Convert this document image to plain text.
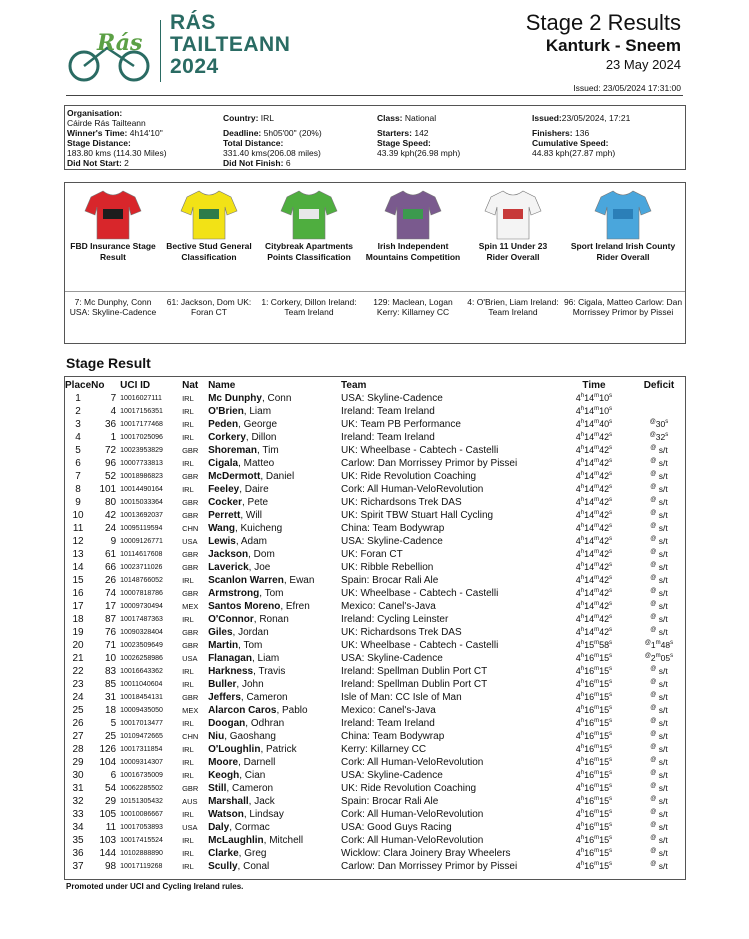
Rás
RÁS
TAILTEANN
2024
Stage 2 Results
Kanturk - Sneem
23 May 2024
Issued: 23/05/2024 17:31:00
Organisation:
Cáirde Rás Tailteann
Winner's Time: 4h14'10"
Stage Distance:
183.80 kms (114.30 Miles)
Did Not Start: 2
Country: IRL
Deadline: 5h05'00" (20%)
Total Distance:
331.40 kms(206.08 miles)
Did Not Finish: 6
Class: National
Starters: 142
Stage Speed:
43.39 kph(26.98 mph)
Issued:23/05/2024, 17:21
Finishers: 136
Cumulative Speed:
44.83 kph(27.87 mph)
FBD Insurance Stage Result
7: Mc Dunphy, Conn USA: Skyline-Cadence
Bective Stud General Classification
61: Jackson, Dom UK: Foran CT
Citybreak Apartments Points Classification
1: Corkery, Dillon Ireland: Team Ireland
Irish Independent Mountains Competition
129: Maclean, Logan Kerry: Killarney CC
Spin 11 Under 23 Rider Overall
4: O'Brien, Liam Ireland: Team Ireland
Sport Ireland Irish County Rider Overall
96: Cigala, Matteo Carlow: Dan Morrissey Primor by Pissei
Stage Result
Place	No	UCI ID	Nat	Name	Team	Time	Deficit
1	7	10016027111	IRL	Mc Dunphy, Conn	USA: Skyline-Cadence	4$^h$14$^m$10$^s$	
2	4	10017156351	IRL	O'Brien, Liam	Ireland: Team Ireland	4$^h$14$^m$10$^s$	
3	36	10017177468	IRL	Peden, George	UK: Team PB Performance	4$^h$14$^m$40$^s$	@30$^s$
4	1	10017025096	IRL	Corkery, Dillon	Ireland: Team Ireland	4$^h$14$^m$42$^s$	@32$^s$
5	72	10023953829	GBR	Shoreman, Tim	UK: Wheelbase - Cabtech - Castelli	4$^h$14$^m$42$^s$	@ s/t
6	96	10007733813	IRL	Cigala, Matteo	Carlow: Dan Morrissey Primor by Pissei	4$^h$14$^m$42$^s$	@ s/t
7	52	10018986823	GBR	McDermott, Daniel	UK: Ride Revolution Coaching	4$^h$14$^m$42$^s$	@ s/t
8	101	10014490164	IRL	Feeley, Daire	Cork: All Human-VeloRevolution	4$^h$14$^m$42$^s$	@ s/t
9	80	10015033364	GBR	Cocker, Pete	UK: Richardsons Trek DAS	4$^h$14$^m$42$^s$	@ s/t
10	42	10013692037	GBR	Perrett, Will	UK: Spirit TBW Stuart Hall Cycling	4$^h$14$^m$42$^s$	@ s/t
11	24	10095119594	CHN	Wang, Kuicheng	China: Team Bodywrap	4$^h$14$^m$42$^s$	@ s/t
12	9	10009126771	USA	Lewis, Adam	USA: Skyline-Cadence	4$^h$14$^m$42$^s$	@ s/t
13	61	10114617608	GBR	Jackson, Dom	UK: Foran CT	4$^h$14$^m$42$^s$	@ s/t
14	66	10023711026	GBR	Laverick, Joe	UK: Ribble Rebellion	4$^h$14$^m$42$^s$	@ s/t
15	26	10148766052	IRL	Scanlon Warren, Ewan	Spain: Brocar Rali Ale	4$^h$14$^m$42$^s$	@ s/t
16	74	10007818786	GBR	Armstrong, Tom	UK: Wheelbase - Cabtech - Castelli	4$^h$14$^m$42$^s$	@ s/t
17	17	10009730494	MEX	Santos Moreno, Efren	Mexico: Canel's-Java	4$^h$14$^m$42$^s$	@ s/t
18	87	10017487363	IRL	O'Connor, Ronan	Ireland: Cycling Leinster	4$^h$14$^m$42$^s$	@ s/t
19	76	10090328404	GBR	Giles, Jordan	UK: Richardsons Trek DAS	4$^h$14$^m$42$^s$	@ s/t
20	71	10023509649	GBR	Martin, Tom	UK: Wheelbase - Cabtech - Castelli	4$^h$15$^m$58$^s$	@1$^m$48$^s$
21	10	10026258986	USA	Flanagan, Liam	USA: Skyline-Cadence	4$^h$16$^m$15$^s$	@2$^m$05$^s$
22	83	10016643362	IRL	Harkness, Travis	Ireland: Spellman Dublin Port CT	4$^h$16$^m$15$^s$	@ s/t
23	85	10011040604	IRL	Buller, John	Ireland: Spellman Dublin Port CT	4$^h$16$^m$15$^s$	@ s/t
24	31	10018454131	GBR	Jeffers, Cameron	Isle of Man: CC Isle of Man	4$^h$16$^m$15$^s$	@ s/t
25	18	10009435050	MEX	Alarcon Caros, Pablo	Mexico: Canel's-Java	4$^h$16$^m$15$^s$	@ s/t
26	5	10017013477	IRL	Doogan, Odhran	Ireland: Team Ireland	4$^h$16$^m$15$^s$	@ s/t
27	25	10109472665	CHN	Niu, Gaoshang	China: Team Bodywrap	4$^h$16$^m$15$^s$	@ s/t
28	126	10017311854	IRL	O'Loughlin, Patrick	Kerry: Killarney CC	4$^h$16$^m$15$^s$	@ s/t
29	104	10009314307	IRL	Moore, Darnell	Cork: All Human-VeloRevolution	4$^h$16$^m$15$^s$	@ s/t
30	6	10016735009	IRL	Keogh, Cian	USA: Skyline-Cadence	4$^h$16$^m$15$^s$	@ s/t
31	54	10062285502	GBR	Still, Cameron	UK: Ride Revolution Coaching	4$^h$16$^m$15$^s$	@ s/t
32	29	10151305432	AUS	Marshall, Jack	Spain: Brocar Rali Ale	4$^h$16$^m$15$^s$	@ s/t
33	105	10010086667	IRL	Watson, Lindsay	Cork: All Human-VeloRevolution	4$^h$16$^m$15$^s$	@ s/t
34	11	10017053893	USA	Daly, Cormac	USA: Good Guys Racing	4$^h$16$^m$15$^s$	@ s/t
35	103	10017415524	IRL	McLaughlin, Mitchell	Cork: All Human-VeloRevolution	4$^h$16$^m$15$^s$	@ s/t
36	144	10102888890	IRL	Clarke, Greg	Wicklow: Clara Joinery Bray Wheelers	4$^h$16$^m$15$^s$	@ s/t
37	98	10017119268	IRL	Scully, Conal	Carlow: Dan Morrissey Primor by Pissei	4$^h$16$^m$15$^s$	@ s/t
Promoted under UCI and Cycling Ireland rules.
